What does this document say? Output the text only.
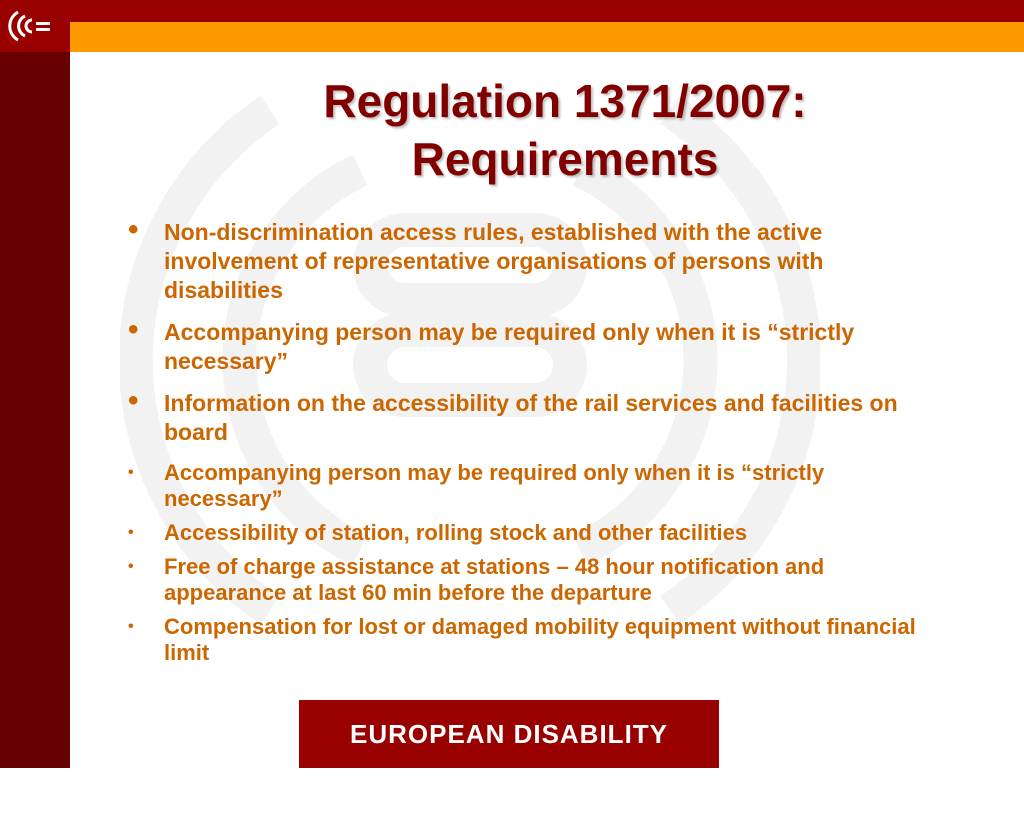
Regulation 1371/2007:
Requirements
• Non-discrimination access rules, established with the active involvement of representative organisations of persons with disabilities
• Accompanying person may be required only when it is “strictly necessary”
• Information on the accessibility of the rail services and facilities on board
• Accompanying person may be required only when it is “strictly necessary”
• Accessibility of station, rolling stock and other facilities
• Free of charge assistance at stations – 48 hour notification and appearance at last 60 min before the departure
• Compensation for lost or damaged mobility equipment without financial limit
EUROPEAN DISABILITY FORUM
